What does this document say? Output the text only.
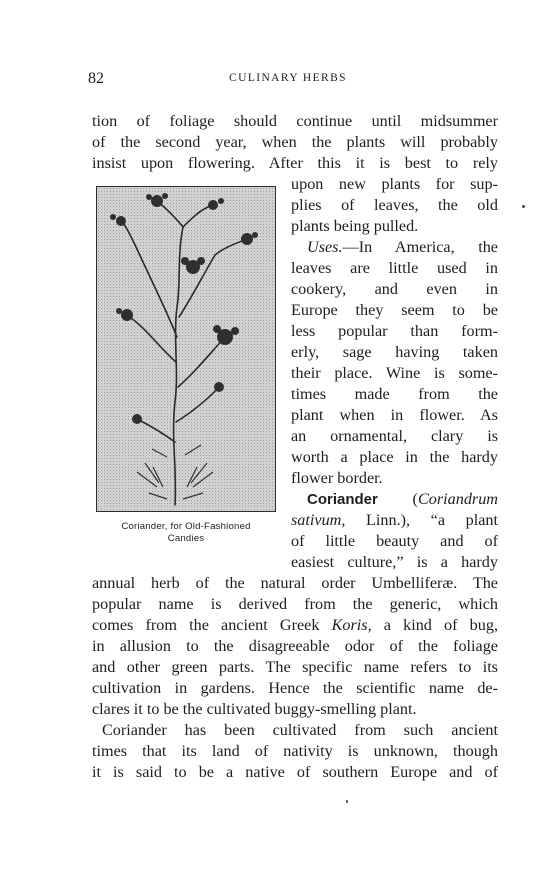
82	CULINARY HERBS
tion of foliage should continue until midsummer
of the second year, when the plants will probably
insist upon flowering. After this it is best to rely
Coriander, for Old-Fashioned
Candies
upon new plants for sup-
plies of leaves, the old
plants being pulled.
Uses.—In America, the
leaves are little used in
cookery, and even in
Europe they seem to be
less popular than form-
erly, sage having taken
their place. Wine is some-
times made from the
plant when in flower. As
an ornamental, clary is
worth a place in the hardy
flower border.
Coriander (Coriandrum
sativum, Linn.), “a plant
of little beauty and of
easiest culture,” is a hardy
annual herb of the natural order Umbelliferæ. The
popular name is derived from the generic, which
comes from the ancient Greek Koris, a kind of bug,
in allusion to the disagreeable odor of the foliage
and other green parts. The specific name refers to its
cultivation in gardens. Hence the scientific name de-
clares it to be the cultivated buggy-smelling plant.
Coriander has been cultivated from such ancient
times that its land of nativity is unknown, though
it is said to be a native of southern Europe and of
